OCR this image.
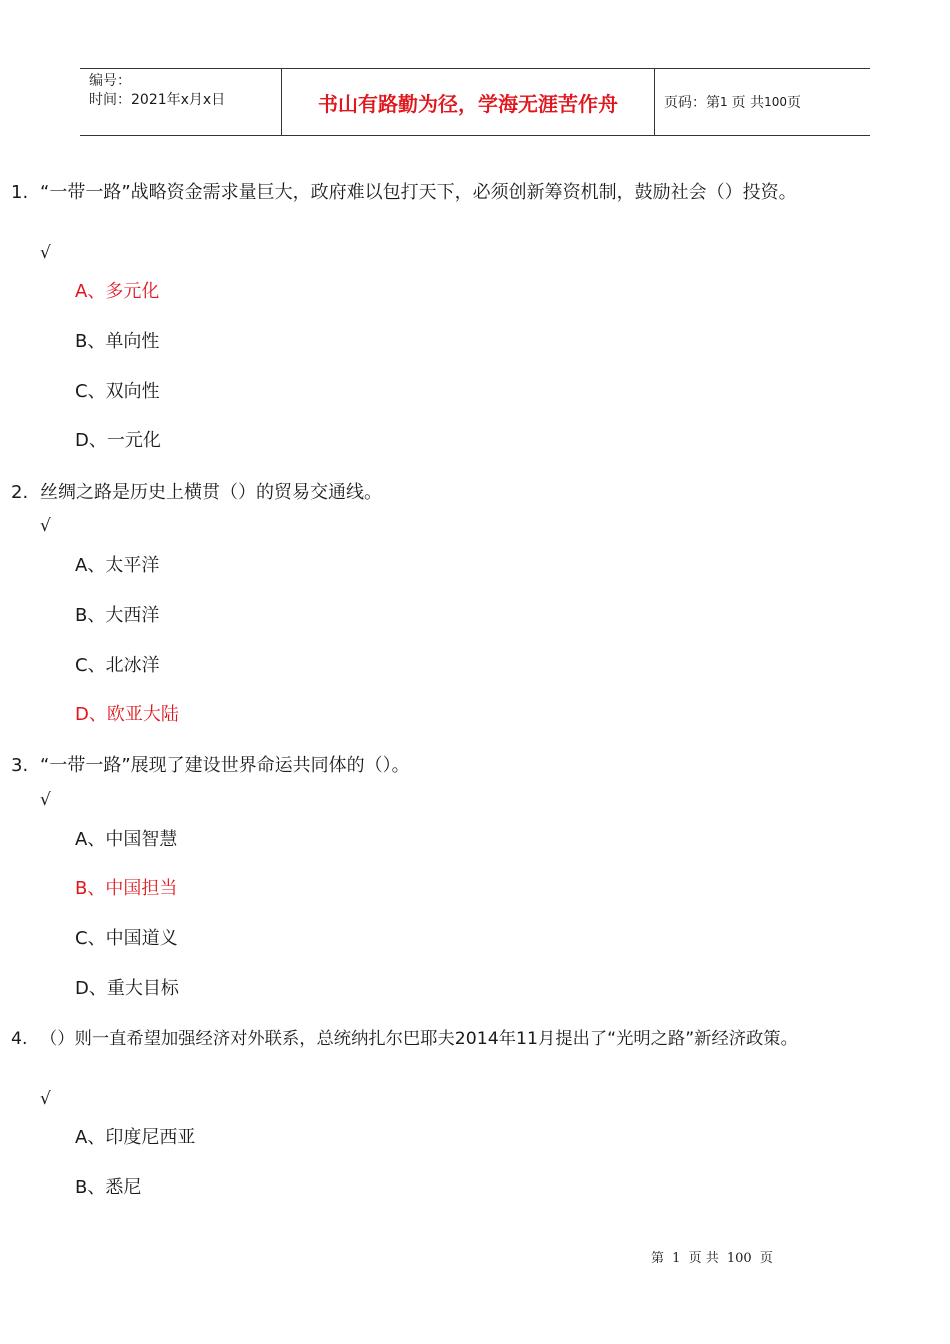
编号：
时间：2021年x月x日	书山有路勤为径，学海无涯苦作舟	页码：第 1 页 共 100 页
1. “一带一路”战略资金需求量巨大，政府难以包打天下，必须创新筹资机制，鼓励社会（）投资。
√
A、多元化
B、单向性
C、双向性
D、一元化
2. 丝绸之路是历史上横贯（）的贸易交通线。
√
A、太平洋
B、大西洋
C、北冰洋
D、欧亚大陆
3. “一带一路”展现了建设世界命运共同体的（）。
√
A、中国智慧
B、中国担当
C、中国道义
D、重大目标
4. （）则一直希望加强经济对外联系，总统纳扎尔巴耶夫2014年11月提出了“光明之路”新经济政策。
√
A、印度尼西亚
B、悉尼
第 1 页 共 100 页
